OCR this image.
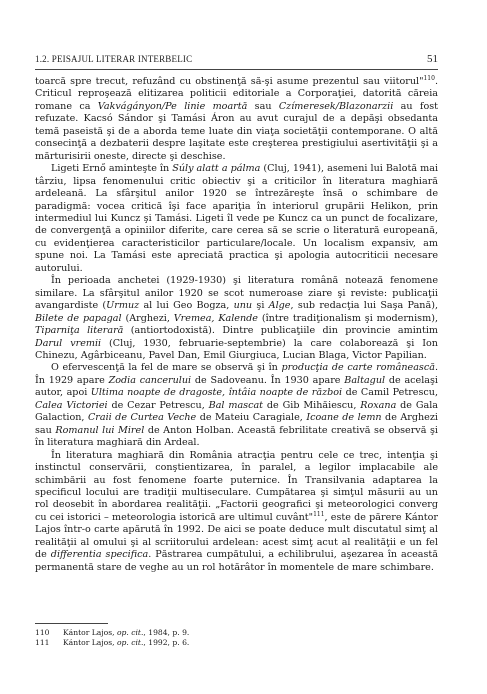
1.2. PEISAJUL LITERAR INTERBELIC	51

toarcă spre trecut, refuzând cu obstinenţă să-şi asume prezentul sau viitorul"$^{110}$. Criticul reproşează elitizarea politicii editoriale a Corporaţiei, datorită căreia romane ca Vakvágányon/Pe linie moartă sau Czímeresek/Blazonarzii au fost refuzate. Kacsó Sándor şi Tamási Áron au avut curajul de a depăşi obsedanta temă paseistă şi de a aborda teme luate din viaţa societăţii contemporane. O altă consecinţă a dezbaterii despre laşitate este creşterea prestigiului asertivităţii şi a mărturisirii oneste, directe şi deschise.

Ligeti Ernő aminteşte în Súly alatt a pálma (Cluj, 1941), asemeni lui Balotă mai târziu, lipsa fenomenului critic obiectiv şi a criticilor în literatura maghiară ardeleană. La sfârşitul anilor 1920 se întrezăreşte însă o schimbare de paradigmă: vocea critică îşi face apariţia în interiorul grupării Helikon, prin intermediul lui Kuncz şi Tamási. Ligeti îl vede pe Kuncz ca un punct de focalizare, de convergenţă a opiniilor diferite, care cerea să se scrie o literatură europeană, cu evidenţierea caracteristicilor particulare/locale. Un localism expansiv, am spune noi. La Tamási este apreciată practica şi apologia autocriticii necesare autorului.

În perioada anchetei (1929-1930) şi literatura română notează fenomene similare. La sfârşitul anilor 1920 se scot numeroase ziare şi reviste: publicaţii avangardiste (Urmuz al lui Geo Bogza, unu şi Alge, sub redacţia lui Saşa Pană), Bilete de papagal (Arghezi, Vremea, Kalende (între tradiţionalism şi modernism), Tiparniţa literară (antiortodoxistă). Dintre publicaţiile din provincie amintim Darul vremii (Cluj, 1930, februarie-septembrie) la care colaborează şi Ion Chinezu, Agârbiceanu, Pavel Dan, Emil Giurgiuca, Lucian Blaga, Victor Papilian.

O efervescenţă la fel de mare se observă şi în producţia de carte românească. În 1929 apare Zodia cancerului de Sadoveanu. În 1930 apare Baltagul de acelaşi autor, apoi Ultima noapte de dragoste, întâia noapte de război de Camil Petrescu, Calea Victoriei de Cezar Petrescu, Bal mascat de Gib Mihăiescu, Roxana de Gala Galaction, Craii de Curtea Veche de Mateiu Caragiale, Icoane de lemn de Arghezi sau Romanul lui Mirel de Anton Holban. Această febrilitate creativă se observă şi în literatura maghiară din Ardeal.

În literatura maghiară din România atracţia pentru cele ce trec, intenţia şi instinctul conservării, conştientizarea, în paralel, a legilor implacabile ale schimbării au fost fenomene foarte puternice. În Transilvania adaptarea la specificul locului are tradiţii multiseculare. Cumpătarea şi simţul măsurii au un rol deosebit în abordarea realităţii. „Factorii geografici şi meteorologici converg cu cei istorici – meteorologia istorică are ultimul cuvânt"$^{111}$, este de părere Kántor Lajos într-o carte apărută în 1992. De aici se poate deduce mult discutatul simţ al realităţii al omului şi al scriitorului ardelean: acest simţ acut al realităţii e un fel de differentia specifica. Păstrarea cumpătului, a echilibrului, aşezarea în această permanentă stare de veghe au un rol hotărâtor în momentele de mare schimbare.

110	Kántor Lajos, op. cit., 1984, p. 9.
111	Kántor Lajos, op. cit., 1992, p. 6.
